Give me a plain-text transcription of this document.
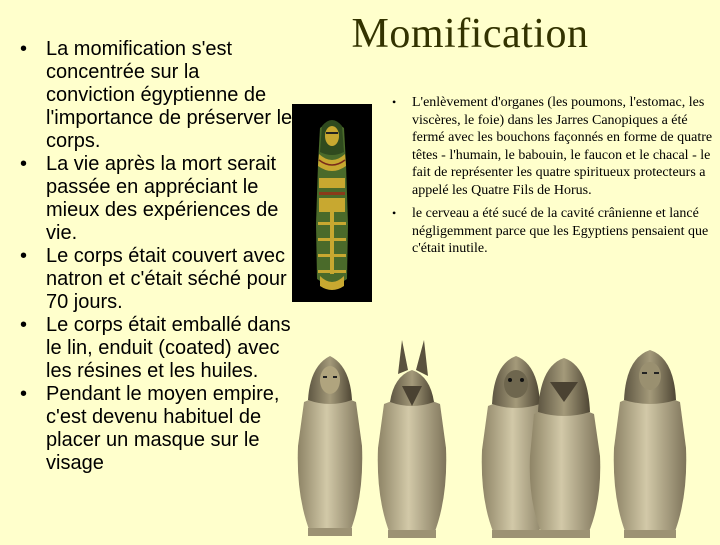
Momification
• La momification s'est concentrée sur la conviction égyptienne de l'importance de préserver le corps.
• La vie après la mort serait passée en appréciant le mieux des expériences de vie.
• Le corps était couvert avec natron et c'était séché pour 70 jours.
• Le corps était emballé dans le lin, enduit (coated) avec les résines et les huiles.
• Pendant le moyen empire, c'est devenu habituel de placer un masque sur le visage
• L'enlèvement d'organes (les poumons, l'estomac, les viscères, le foie) dans les Jarres Canopiques a été fermé avec les bouchons façonnés en forme de quatre têtes - l'humain, le babouin, le faucon et le chacal - le fait de représenter les quatre spiritueux protecteurs a appelé les Quatre Fils de Horus.
• le cerveau a été sucé de la cavité crânienne et lancé négligemment parce que les Egyptiens pensaient que c'était inutile.
